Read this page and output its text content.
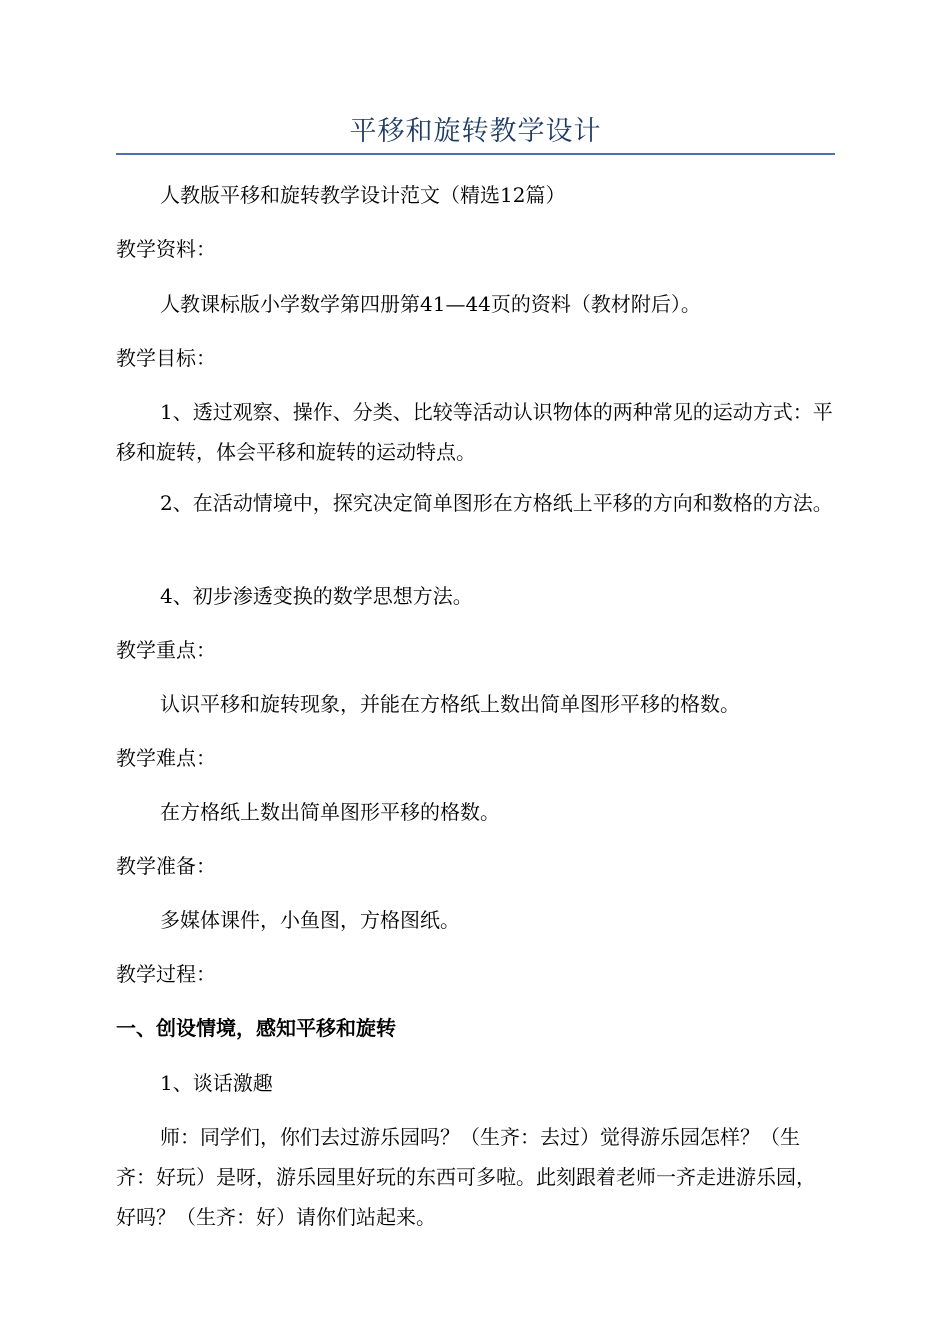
平移和旋转教学设计
人教版平移和旋转教学设计范文（精选12篇）
教学资料：
人教课标版小学数学第四册第41—44页的资料（教材附后）。
教学目标：
1、透过观察、操作、分类、比较等活动认识物体的两种常见的运动方式：平移和旋转，体会平移和旋转的运动特点。
2、在活动情境中，探究决定简单图形在方格纸上平移的方向和数格的方法。
4、初步渗透变换的数学思想方法。
教学重点：
认识平移和旋转现象，并能在方格纸上数出简单图形平移的格数。
教学难点：
在方格纸上数出简单图形平移的格数。
教学准备：
多媒体课件，小鱼图，方格图纸。
教学过程：
一、创设情境，感知平移和旋转
1、谈话激趣
师：同学们，你们去过游乐园吗？（生齐：去过）觉得游乐园怎样？（生齐：好玩）是呀，游乐园里好玩的东西可多啦。此刻跟着老师一齐走进游乐园，好吗？（生齐：好）请你们站起来。
